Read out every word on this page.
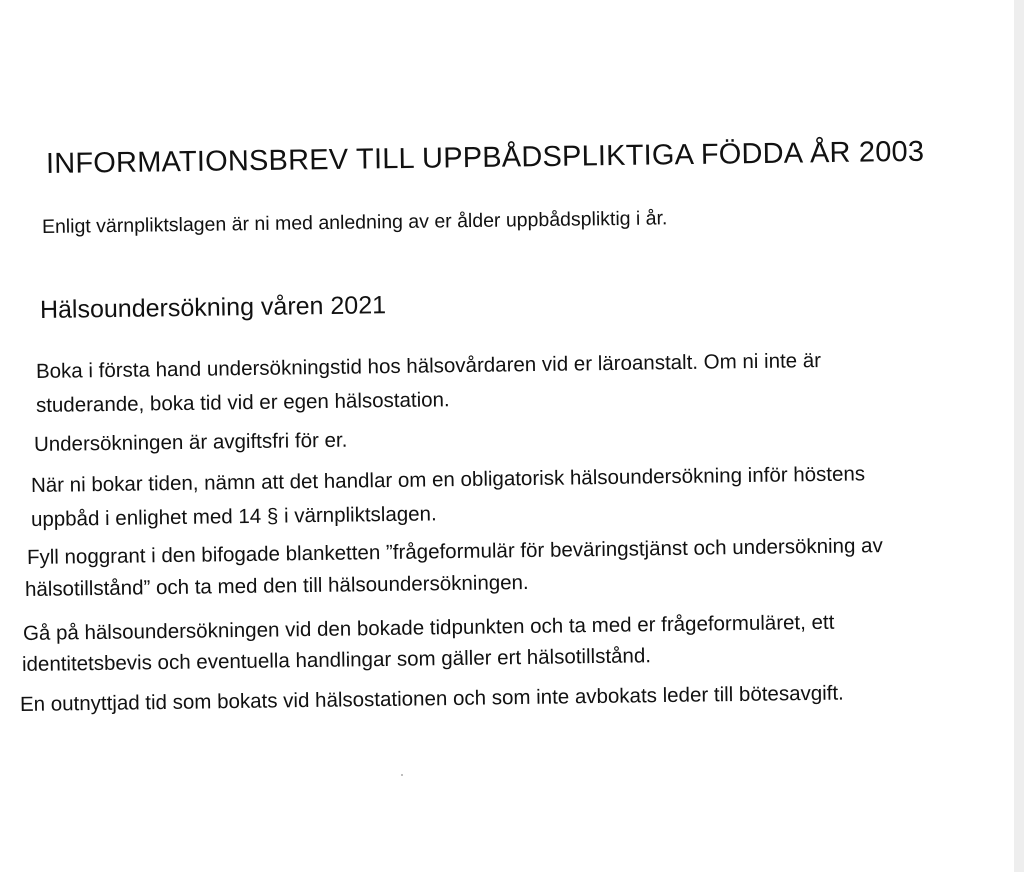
INFORMATIONSBREV TILL UPPBÅDSPLIKTIGA FÖDDA ÅR 2003

Enligt värnpliktslagen är ni med anledning av er ålder uppbådspliktig i år.

Hälsoundersökning våren 2021

Boka i första hand undersökningstid hos hälsovårdaren vid er läroanstalt. Om ni inte är

studerande, boka tid vid er egen hälsostation.

Undersökningen är avgiftsfri för er.

När ni bokar tiden, nämn att det handlar om en obligatorisk hälsoundersökning inför höstens

uppbåd i enlighet med 14 § i värnpliktslagen.

Fyll noggrant i den bifogade blanketten ”frågeformulär för beväringstjänst och undersökning av

hälsotillstånd” och ta med den till hälsoundersökningen.

Gå på hälsoundersökningen vid den bokade tidpunkten och ta med er frågeformuläret, ett

identitetsbevis och eventuella handlingar som gäller ert hälsotillstånd.

En outnyttjad tid som bokats vid hälsostationen och som inte avbokats leder till bötesavgift.
